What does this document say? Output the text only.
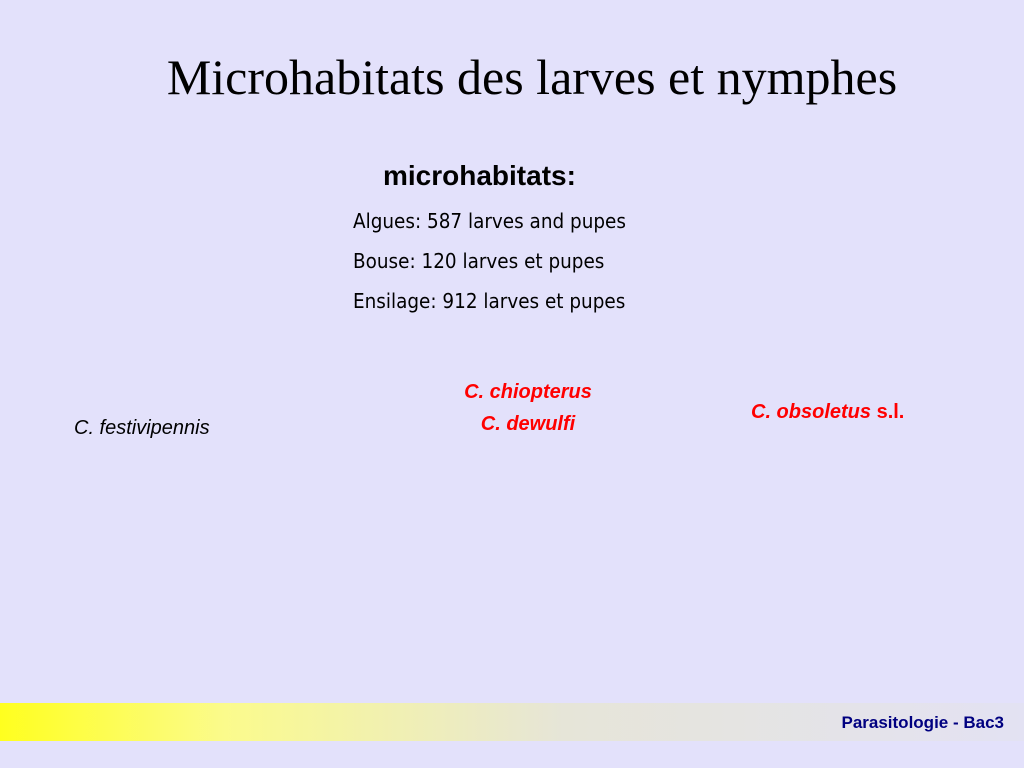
Microhabitats des larves et nymphes
microhabitats:
Algues: 587 larves and pupes
Bouse: 120 larves et pupes
Ensilage: 912 larves et pupes
C. festivipennis
C. chiopterus
C. dewulfi
C. obsoletus s.l.
Parasitologie - Bac3
